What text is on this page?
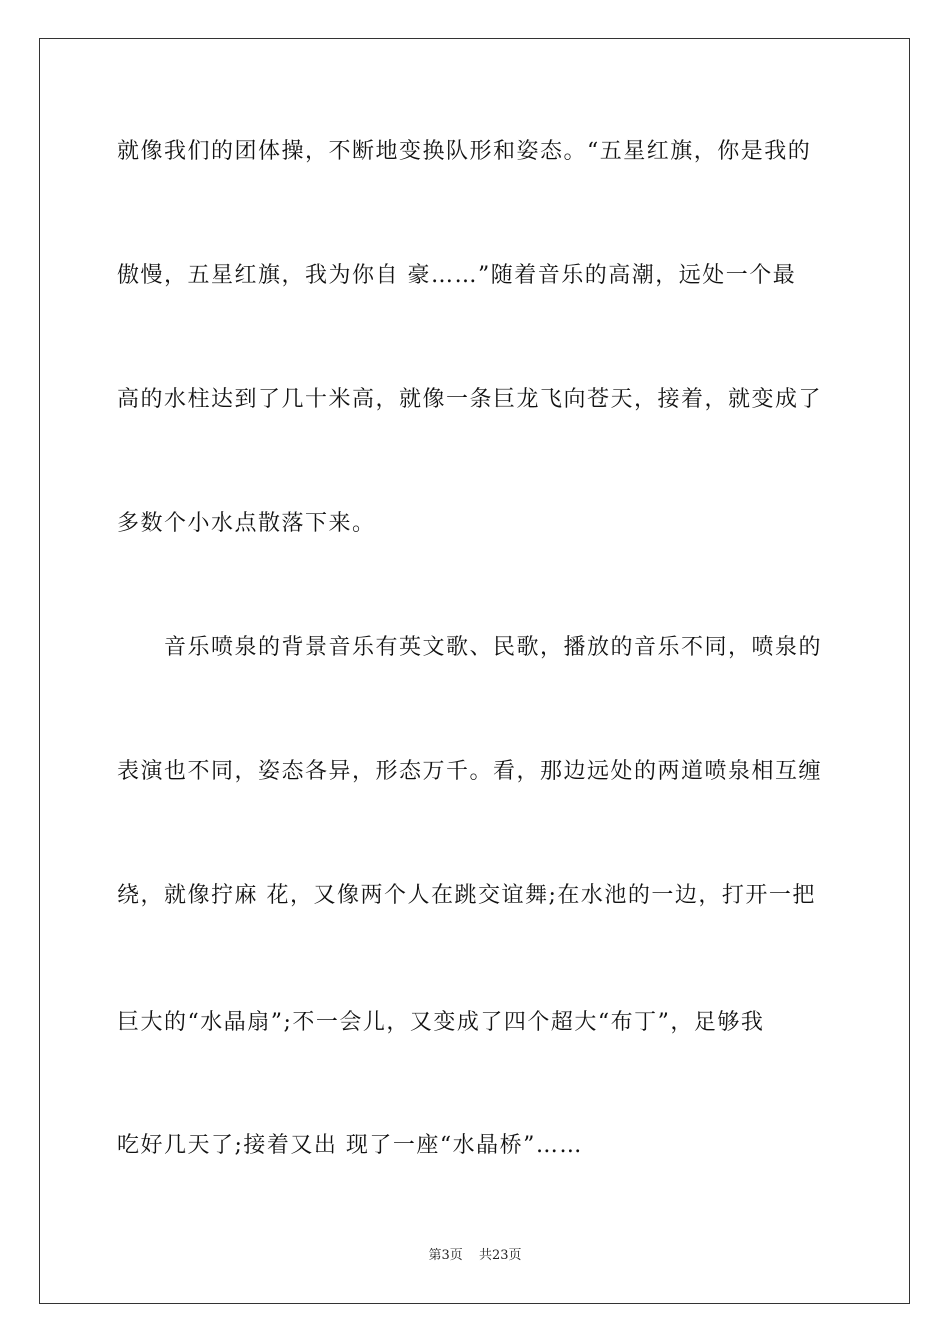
就像我们的团体操，不断地变换队形和姿态。“五星红旗，你是我的
傲慢，五星红旗，我为你自 豪……”随着音乐的高潮，远处一个最
高的水柱达到了几十米高，就像一条巨龙飞向苍天，接着，就变成了
多数个小水点散落下来。
　　音乐喷泉的背景音乐有英文歌、民歌，播放的音乐不同，喷泉的
表演也不同，姿态各异，形态万千。看，那边远处的两道喷泉相互缠
绕，就像拧麻 花，又像两个人在跳交谊舞;在水池的一边，打开一把
巨大的“水晶扇”;不一会儿，又变成了四个超大“布丁”，足够我
吃好几天了;接着又出 现了一座“水晶桥”……
第3页 共23页
